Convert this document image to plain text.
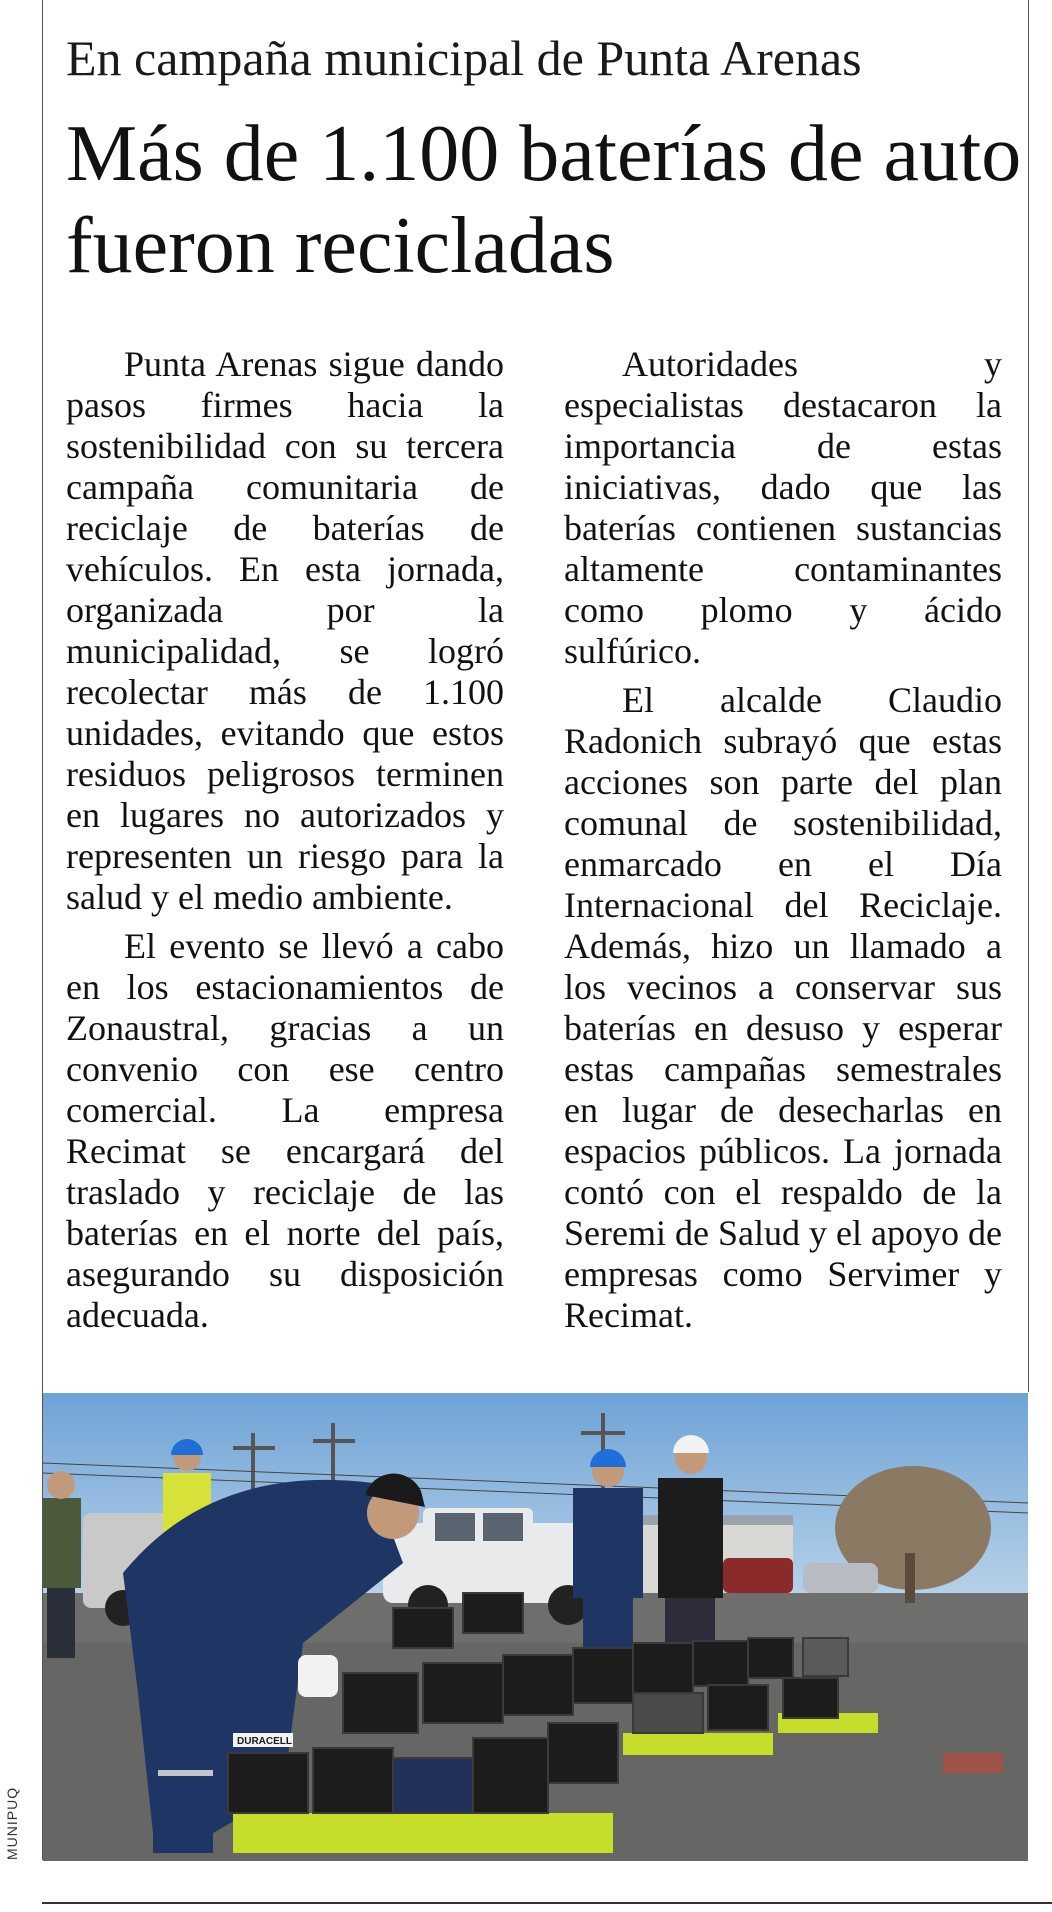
En campaña municipal de Punta Arenas
Más de 1.100 baterías de auto fueron recicladas

Punta Arenas sigue dando pasos firmes hacia la sostenibilidad con su tercera campaña comunitaria de reciclaje de baterías de vehículos. En esta jornada, organizada por la municipalidad, se logró recolectar más de 1.100 unidades, evitando que estos residuos peligrosos terminen en lugares no autorizados y representen un riesgo para la salud y el medio ambiente.

El evento se llevó a cabo en los estacionamientos de Zonaustral, gracias a un convenio con ese centro comercial. La empresa Recimat se encargará del traslado y reciclaje de las baterías en el norte del país, asegurando su disposición adecuada.

Autoridades y especialistas destacaron la importancia de estas iniciativas, dado que las baterías contienen sustancias altamente contaminantes como plomo y ácido sulfúrico.

El alcalde Claudio Radonich subrayó que estas acciones son parte del plan comunal de sostenibilidad, enmarcado en el Día Internacional del Reciclaje. Además, hizo un llamado a los vecinos a conservar sus baterías en desuso y esperar estas campañas semestrales en lugar de desecharlas en espacios públicos. La jornada contó con el respaldo de la Seremi de Salud y el apoyo de empresas como Servimer y Recimat.

DURACELL
MUNIPUQ
